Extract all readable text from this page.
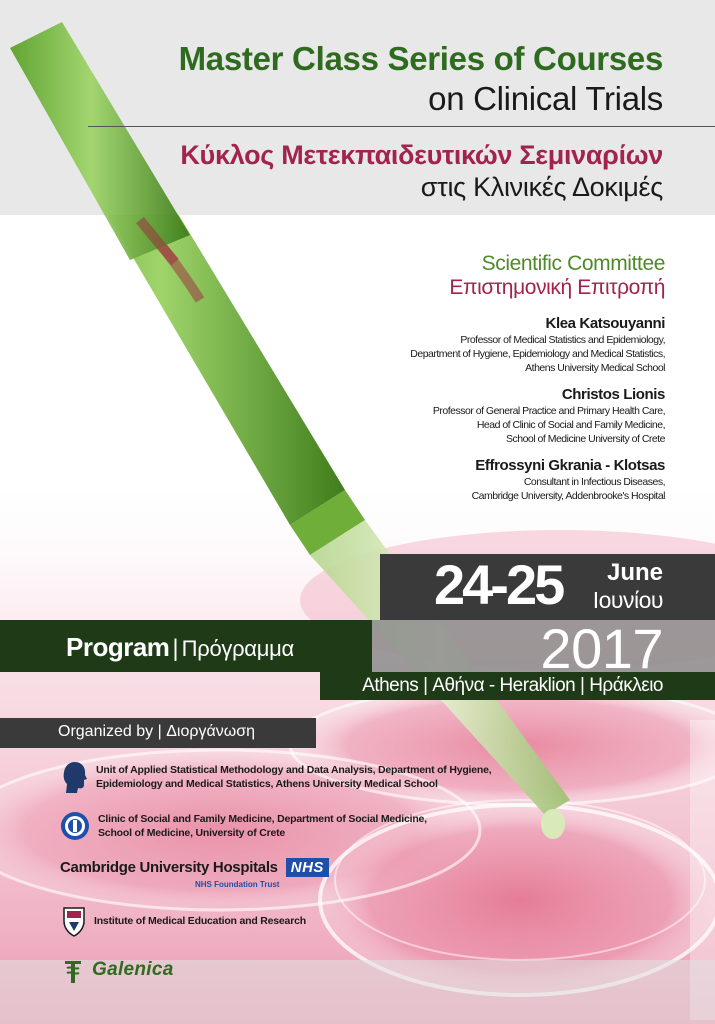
Master Class Series of Courses
on Clinical Trials
Κύκλος Μετεκπαιδευτικών Σεμιναρίων
στις Κλινικές Δοκιμές
Scientific Committee
Επιστημονική Επιτροπή
Klea Katsouyanni
Professor of Medical Statistics and Epidemiology,
Department of Hygiene, Epidemiology and Medical Statistics,
Athens University Medical School
Christos Lionis
Professor of General Practice and Primary Health Care,
Head of Clinic of Social and Family Medicine,
School of Medicine University of Crete
Effrossyni Gkrania - Klotsas
Consultant in Infectious Diseases,
Cambridge University, Addenbrooke's Hospital
24-25 June
Ιουνίου
Program | Πρόγραμμα	2017
Athens | Αθήνα - Heraklion | Ηράκλειο
Organized by | Διοργάνωση
Unit of Applied Statistical Methodology and Data Analysis, Department of Hygiene,
Epidemiology and Medical Statistics, Athens University Medical School
Clinic of Social and Family Medicine, Department of Social Medicine,
School of Medicine, University of Crete
Cambridge University Hospitals NHS
NHS Foundation Trust
Institute of Medical Education and Research
Galenica
